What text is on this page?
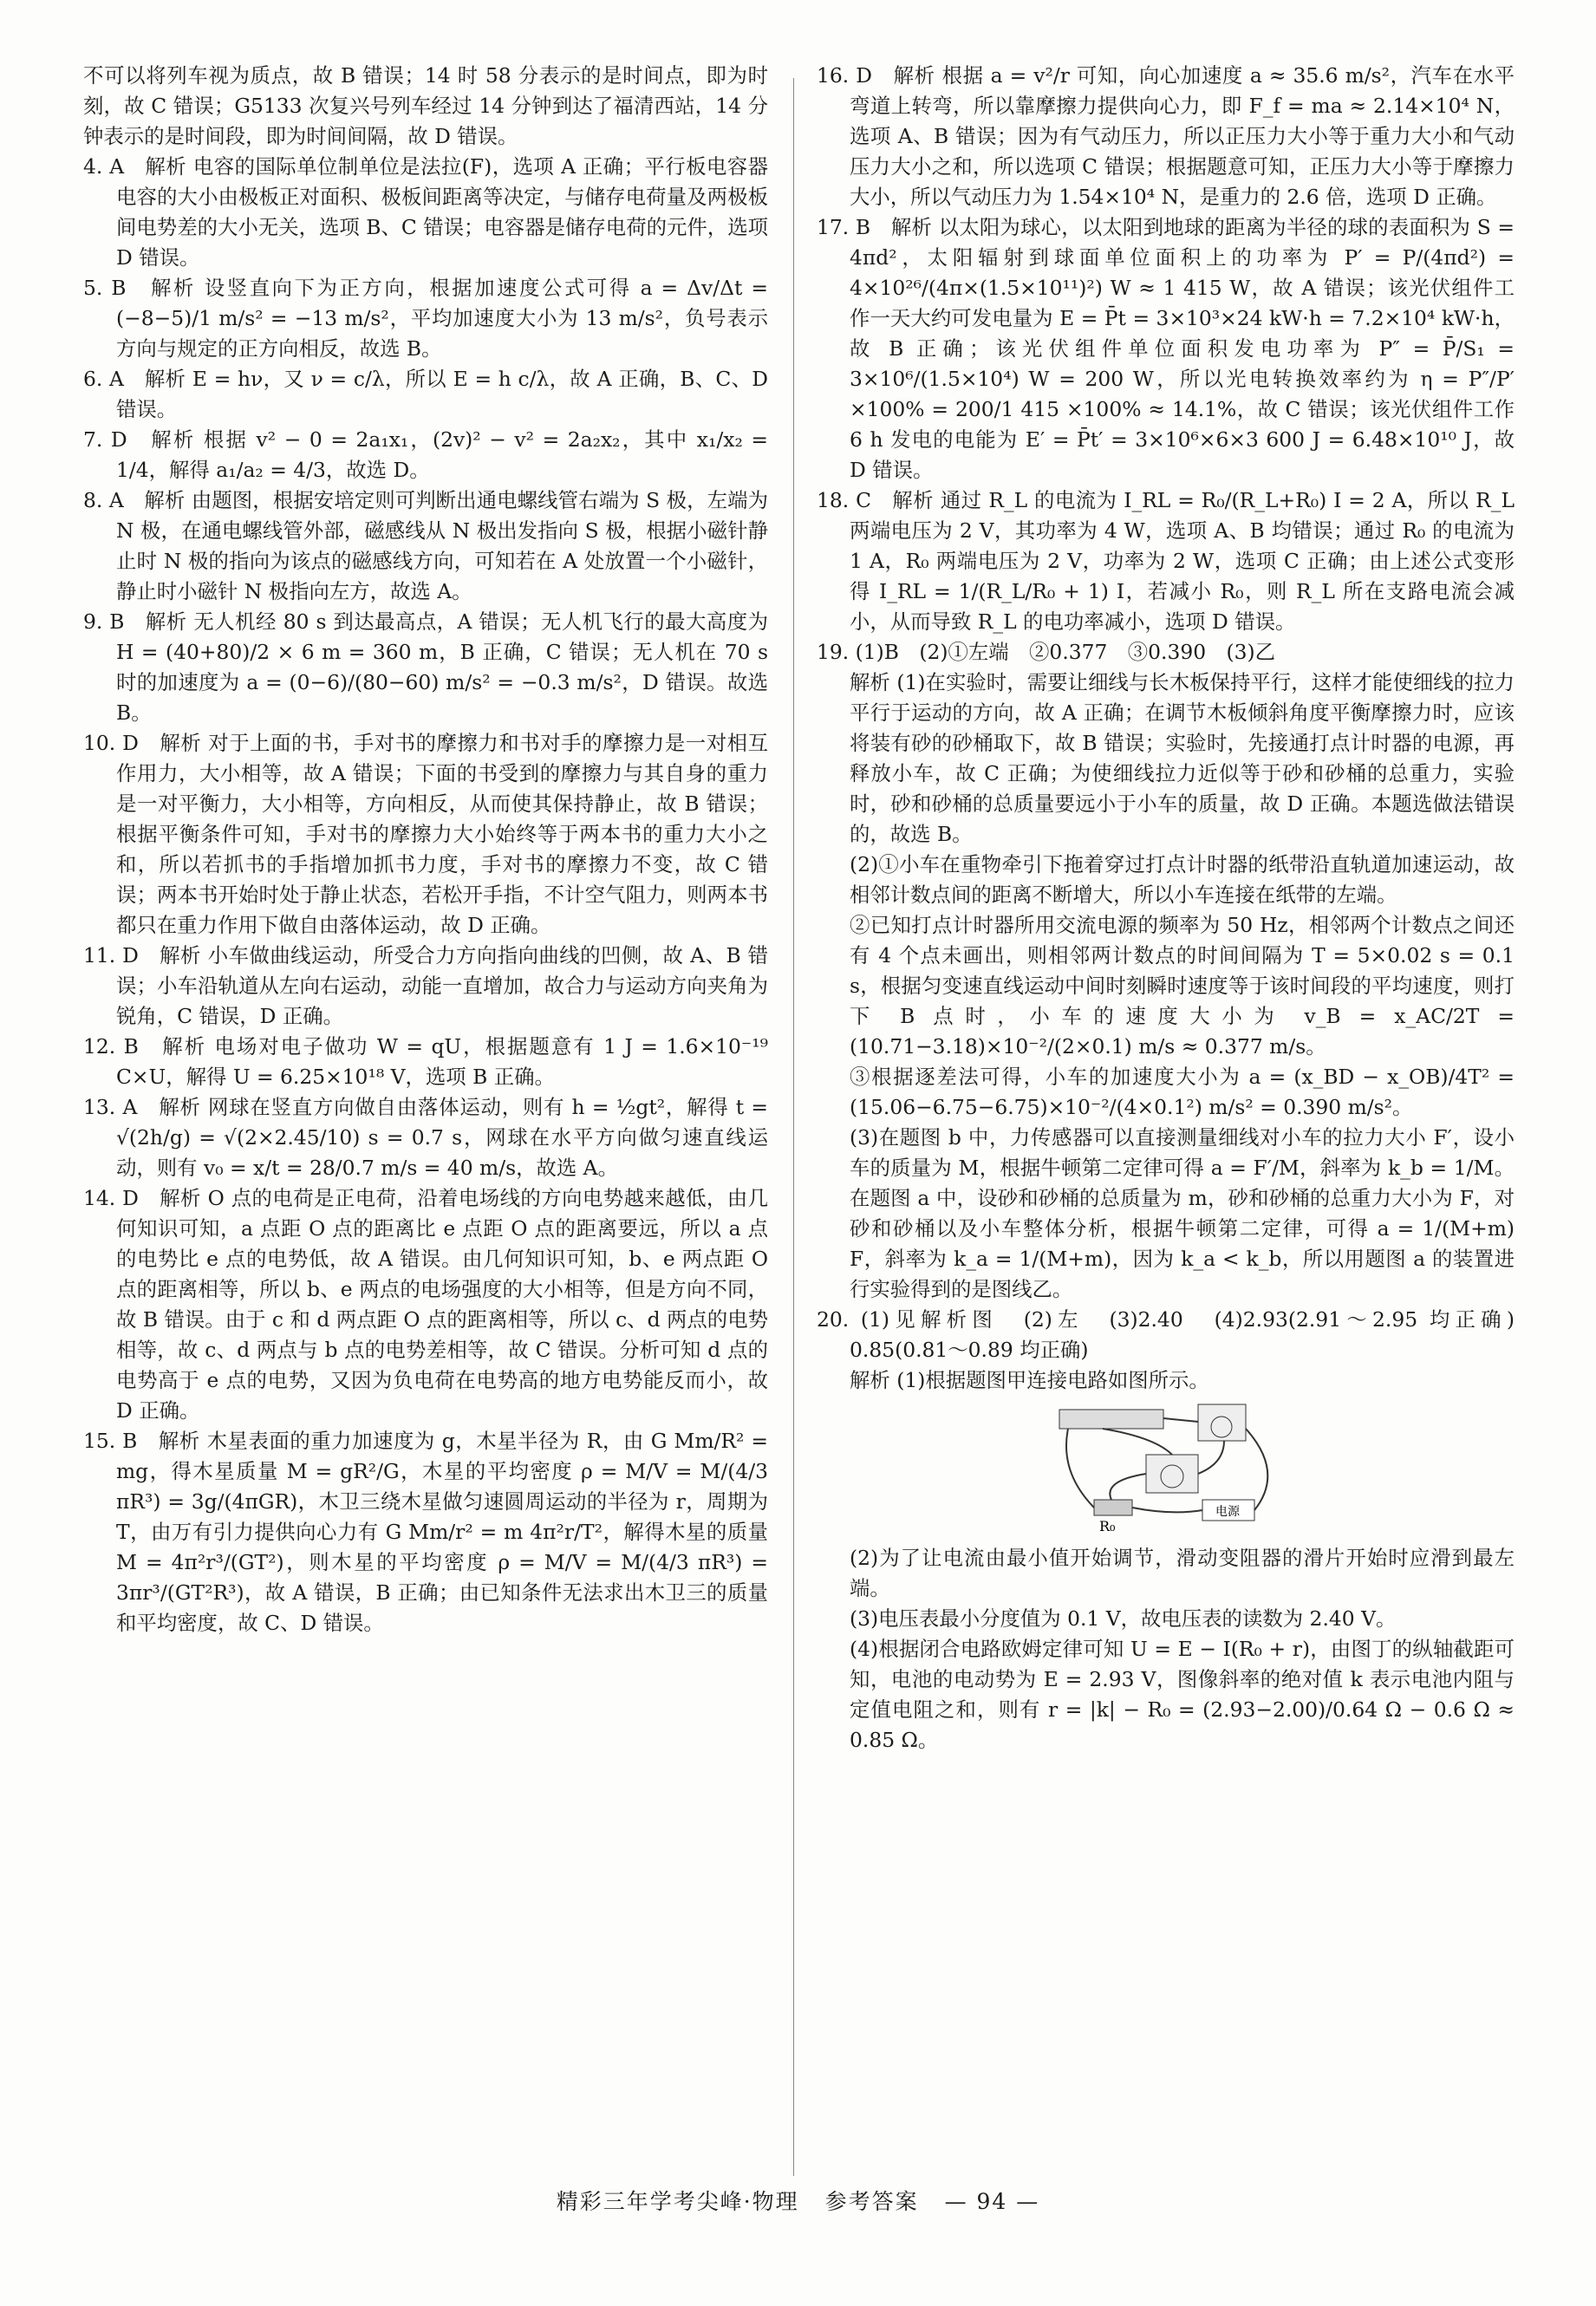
不可以将列车视为质点，故 B 错误；14 时 58 分表示的是时间点，即为时刻，故 C 错误；G5133 次复兴号列车经过 14 分钟到达了福清西站，14 分钟表示的是时间段，即为时间间隔，故 D 错误。

4. A　解析 电容的国际单位制单位是法拉(F)，选项 A 正确；平行板电容器电容的大小由极板正对面积、极板间距离等决定，与储存电荷量及两极板间电势差的大小无关，选项 B、C 错误；电容器是储存电荷的元件，选项 D 错误。

5. B　解析 设竖直向下为正方向，根据加速度公式可得 a = Δv/Δt = (−8−5)/1 m/s² = −13 m/s²，平均加速度大小为 13 m/s²，负号表示方向与规定的正方向相反，故选 B。

6. A　解析 E = hν，又 ν = c/λ，所以 E = h c/λ，故 A 正确，B、C、D 错误。

7. D　解析 根据 v² − 0 = 2a₁x₁，(2v)² − v² = 2a₂x₂，其中 x₁/x₂ = 1/4，解得 a₁/a₂ = 4/3，故选 D。

8. A　解析 由题图，根据安培定则可判断出通电螺线管右端为 S 极，左端为 N 极，在通电螺线管外部，磁感线从 N 极出发指向 S 极，根据小磁针静止时 N 极的指向为该点的磁感线方向，可知若在 A 处放置一个小磁针，静止时小磁针 N 极指向左方，故选 A。

9. B　解析 无人机经 80 s 到达最高点，A 错误；无人机飞行的最大高度为 H = (40+80)/2 × 6 m = 360 m，B 正确，C 错误；无人机在 70 s 时的加速度为 a = (0−6)/(80−60) m/s² = −0.3 m/s²，D 错误。故选 B。

10. D　解析 对于上面的书，手对书的摩擦力和书对手的摩擦力是一对相互作用力，大小相等，故 A 错误；下面的书受到的摩擦力与其自身的重力是一对平衡力，大小相等，方向相反，从而使其保持静止，故 B 错误；根据平衡条件可知，手对书的摩擦力大小始终等于两本书的重力大小之和，所以若抓书的手指增加抓书力度，手对书的摩擦力不变，故 C 错误；两本书开始时处于静止状态，若松开手指，不计空气阻力，则两本书都只在重力作用下做自由落体运动，故 D 正确。

11. D　解析 小车做曲线运动，所受合力方向指向曲线的凹侧，故 A、B 错误；小车沿轨道从左向右运动，动能一直增加，故合力与运动方向夹角为锐角，C 错误，D 正确。

12. B　解析 电场对电子做功 W = qU，根据题意有 1 J = 1.6×10⁻¹⁹ C×U，解得 U = 6.25×10¹⁸ V，选项 B 正确。

13. A　解析 网球在竖直方向做自由落体运动，则有 h = ½gt²，解得 t = √(2h/g) = √(2×2.45/10) s = 0.7 s，网球在水平方向做匀速直线运动，则有 v₀ = x/t = 28/0.7 m/s = 40 m/s，故选 A。

14. D　解析 O 点的电荷是正电荷，沿着电场线的方向电势越来越低，由几何知识可知，a 点距 O 点的距离比 e 点距 O 点的距离要远，所以 a 点的电势比 e 点的电势低，故 A 错误。由几何知识可知，b、e 两点距 O 点的距离相等，所以 b、e 两点的电场强度的大小相等，但是方向不同，故 B 错误。由于 c 和 d 两点距 O 点的距离相等，所以 c、d 两点的电势相等，故 c、d 两点与 b 点的电势差相等，故 C 错误。分析可知 d 点的电势高于 e 点的电势，又因为负电荷在电势高的地方电势能反而小，故 D 正确。

15. B　解析 木星表面的重力加速度为 g，木星半径为 R，由 G Mm/R² = mg，得木星质量 M = gR²/G，木星的平均密度 ρ = M/V = M/(4/3 πR³) = 3g/(4πGR)，木卫三绕木星做匀速圆周运动的半径为 r，周期为 T，由万有引力提供向心力有 G Mm/r² = m 4π²r/T²，解得木星的质量 M = 4π²r³/(GT²)，则木星的平均密度 ρ = M/V = M/(4/3 πR³) = 3πr³/(GT²R³)，故 A 错误，B 正确；由已知条件无法求出木卫三的质量和平均密度，故 C、D 错误。

16. D　解析 根据 a = v²/r 可知，向心加速度 a ≈ 35.6 m/s²，汽车在水平弯道上转弯，所以靠摩擦力提供向心力，即 F_f = ma ≈ 2.14×10⁴ N，选项 A、B 错误；因为有气动压力，所以正压力大小等于重力大小和气动压力大小之和，所以选项 C 错误；根据题意可知，正压力大小等于摩擦力大小，所以气动压力为 1.54×10⁴ N，是重力的 2.6 倍，选项 D 正确。

17. B　解析 以太阳为球心，以太阳到地球的距离为半径的球的表面积为 S = 4πd²，太阳辐射到球面单位面积上的功率为 P′ = P/(4πd²) = 4×10²⁶/(4π×(1.5×10¹¹)²) W ≈ 1 415 W，故 A 错误；该光伏组件工作一天大约可发电量为 E = P̄t = 3×10³×24 kW·h = 7.2×10⁴ kW·h，故 B 正确；该光伏组件单位面积发电功率为 P″ = P̄/S₁ = 3×10⁶/(1.5×10⁴) W = 200 W，所以光电转换效率约为 η = P″/P′ ×100% = 200/1 415 ×100% ≈ 14.1%，故 C 错误；该光伏组件工作 6 h 发电的电能为 E′ = P̄t′ = 3×10⁶×6×3 600 J = 6.48×10¹⁰ J，故 D 错误。

18. C　解析 通过 R_L 的电流为 I_RL = R₀/(R_L+R₀) I = 2 A，所以 R_L 两端电压为 2 V，其功率为 4 W，选项 A、B 均错误；通过 R₀ 的电流为 1 A，R₀ 两端电压为 2 V，功率为 2 W，选项 C 正确；由上述公式变形得 I_RL = 1/(R_L/R₀ + 1) I，若减小 R₀，则 R_L 所在支路电流会减小，从而导致 R_L 的电功率减小，选项 D 错误。

19. (1)B　(2)①左端　②0.377　③0.390　(3)乙

解析 (1)在实验时，需要让细线与长木板保持平行，这样才能使细线的拉力平行于运动的方向，故 A 正确；在调节木板倾斜角度平衡摩擦力时，应该将装有砂的砂桶取下，故 B 错误；实验时，先接通打点计时器的电源，再释放小车，故 C 正确；为使细线拉力近似等于砂和砂桶的总重力，实验时，砂和砂桶的总质量要远小于小车的质量，故 D 正确。本题选做法错误的，故选 B。

(2)①小车在重物牵引下拖着穿过打点计时器的纸带沿直轨道加速运动，故相邻计数点间的距离不断增大，所以小车连接在纸带的左端。

②已知打点计时器所用交流电源的频率为 50 Hz，相邻两个计数点之间还有 4 个点未画出，则相邻两计数点的时间间隔为 T = 5×0.02 s = 0.1 s，根据匀变速直线运动中间时刻瞬时速度等于该时间段的平均速度，则打下 B 点时，小车的速度大小为 v_B = x_AC/2T = (10.71−3.18)×10⁻²/(2×0.1) m/s ≈ 0.377 m/s。

③根据逐差法可得，小车的加速度大小为 a = (x_BD − x_OB)/4T² = (15.06−6.75−6.75)×10⁻²/(4×0.1²) m/s² = 0.390 m/s²。

(3)在题图 b 中，力传感器可以直接测量细线对小车的拉力大小 F′，设小车的质量为 M，根据牛顿第二定律可得 a = F′/M，斜率为 k_b = 1/M。在题图 a 中，设砂和砂桶的总质量为 m，砂和砂桶的总重力大小为 F，对砂和砂桶以及小车整体分析，根据牛顿第二定律，可得 a = 1/(M+m) F，斜率为 k_a = 1/(M+m)，因为 k_a < k_b，所以用题图 a 的装置进行实验得到的是图线乙。

20. (1)见解析图　(2)左　(3)2.40　(4)2.93(2.91～2.95 均正确)　0.85(0.81～0.89 均正确)

解析 (1)根据题图甲连接电路如图所示。

R₀
电源

(2)为了让电流由最小值开始调节，滑动变阻器的滑片开始时应滑到最左端。

(3)电压表最小分度值为 0.1 V，故电压表的读数为 2.40 V。

(4)根据闭合电路欧姆定律可知 U = E − I(R₀ + r)，由图丁的纵轴截距可知，电池的电动势为 E = 2.93 V，图像斜率的绝对值 k 表示电池内阻与定值电阻之和，则有 r = |k| − R₀ = (2.93−2.00)/0.64 Ω − 0.6 Ω ≈ 0.85 Ω。

精彩三年学考尖峰·物理 参考答案 — 94 —
